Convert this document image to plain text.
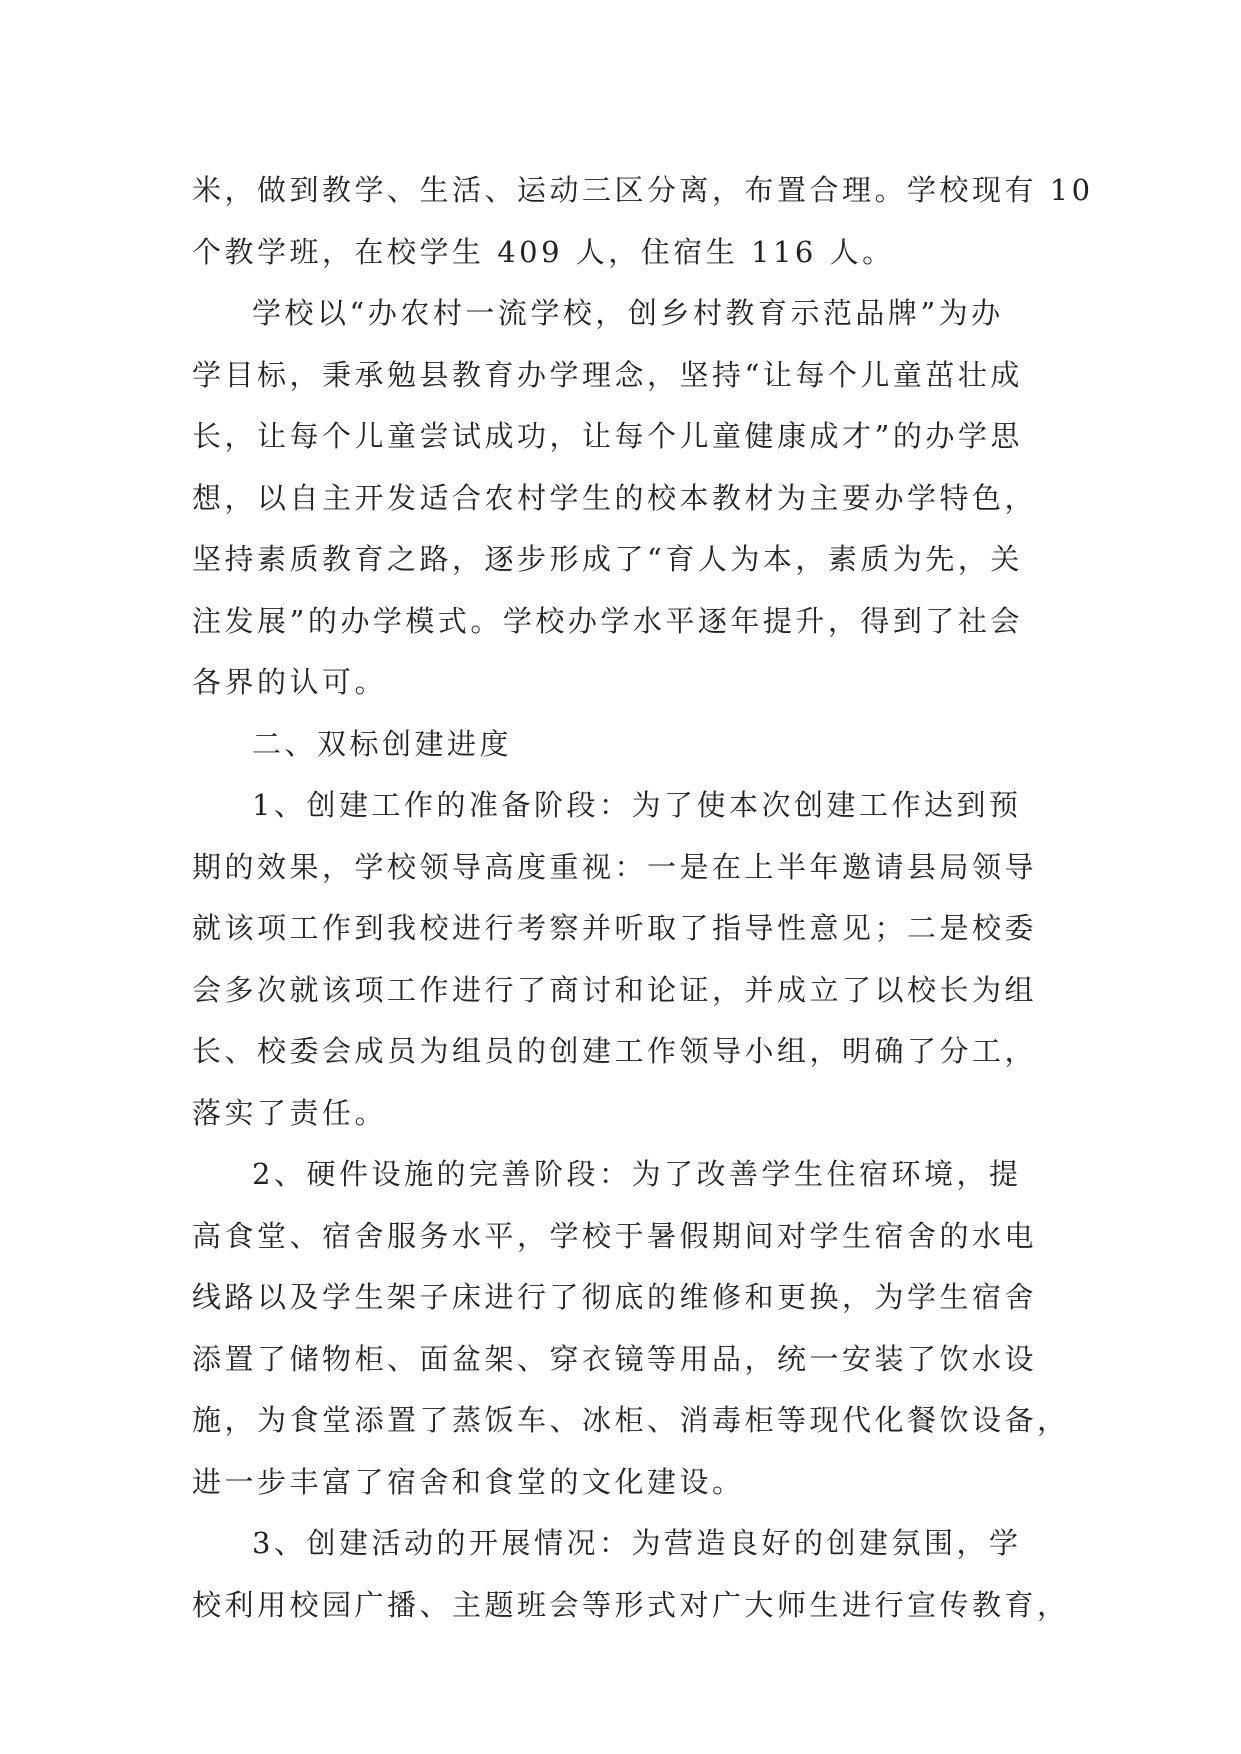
米，做到教学、生活、运动三区分离，布置合理。学校现有 10
个教学班，在校学生 409 人，住宿生 116 人。
学校以“办农村一流学校，创乡村教育示范品牌”为办
学目标，秉承勉县教育办学理念，坚持“让每个儿童茁壮成
长，让每个儿童尝试成功，让每个儿童健康成才”的办学思
想，以自主开发适合农村学生的校本教材为主要办学特色，
坚持素质教育之路，逐步形成了“育人为本，素质为先，关
注发展”的办学模式。学校办学水平逐年提升，得到了社会
各界的认可。
二、双标创建进度
1、创建工作的准备阶段：为了使本次创建工作达到预
期的效果，学校领导高度重视：一是在上半年邀请县局领导
就该项工作到我校进行考察并听取了指导性意见；二是校委
会多次就该项工作进行了商讨和论证，并成立了以校长为组
长、校委会成员为组员的创建工作领导小组，明确了分工，
落实了责任。
2、硬件设施的完善阶段：为了改善学生住宿环境，提
高食堂、宿舍服务水平，学校于暑假期间对学生宿舍的水电
线路以及学生架子床进行了彻底的维修和更换，为学生宿舍
添置了储物柜、面盆架、穿衣镜等用品，统一安装了饮水设
施，为食堂添置了蒸饭车、冰柜、消毒柜等现代化餐饮设备，
进一步丰富了宿舍和食堂的文化建设。
3、创建活动的开展情况：为营造良好的创建氛围，学
校利用校园广播、主题班会等形式对广大师生进行宣传教育，
